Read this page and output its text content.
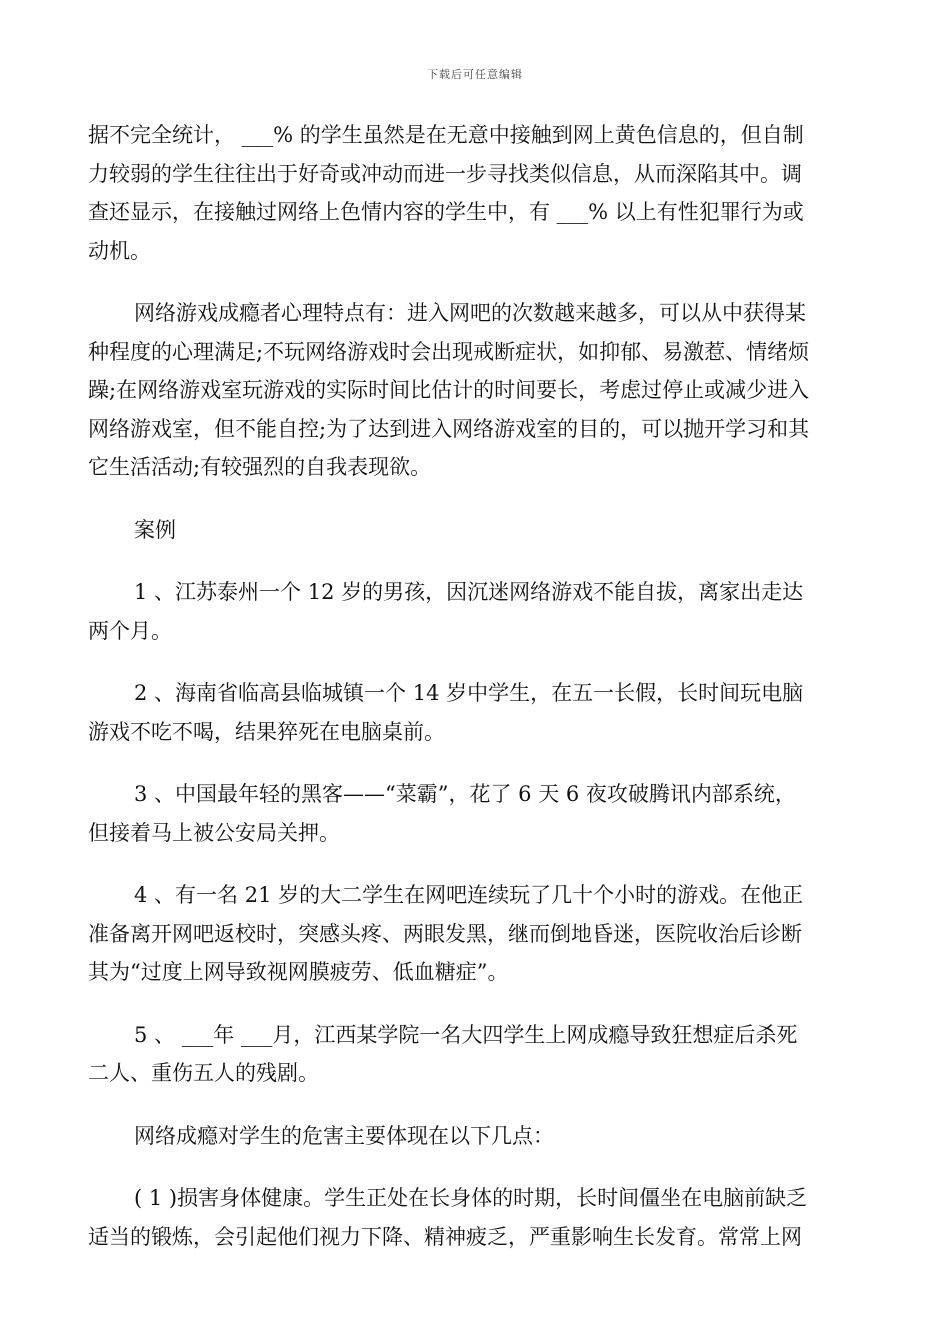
下载后可任意编辑

据不完全统计， ___% 的学生虽然是在无意中接触到网上黄色信息的，但自制
力较弱的学生往往出于好奇或冲动而进一步寻找类似信息，从而深陷其中。调
查还显示，在接触过网络上色情内容的学生中，有 ___% 以上有性犯罪行为或
动机。

网络游戏成瘾者心理特点有：进入网吧的次数越来越多，可以从中获得某
种程度的心理满足;不玩网络游戏时会出现戒断症状，如抑郁、易激惹、情绪烦
躁;在网络游戏室玩游戏的实际时间比估计的时间要长，考虑过停止或减少进入
网络游戏室，但不能自控;为了达到进入网络游戏室的目的，可以抛开学习和其
它生活活动;有较强烈的自我表现欲。

案例

1 、江苏泰州一个 12 岁的男孩，因沉迷网络游戏不能自拔，离家出走达
两个月。

2 、海南省临高县临城镇一个 14 岁中学生，在五一长假，长时间玩电脑
游戏不吃不喝，结果猝死在电脑桌前。

3 、中国最年轻的黑客——“菜霸”，花了 6 天 6 夜攻破腾讯内部系统，
但接着马上被公安局关押。

4 、有一名 21 岁的大二学生在网吧连续玩了几十个小时的游戏。在他正
准备离开网吧返校时，突感头疼、两眼发黑，继而倒地昏迷，医院收治后诊断
其为“过度上网导致视网膜疲劳、低血糖症”。

5 、 ___年 ___月，江西某学院一名大四学生上网成瘾导致狂想症后杀死
二人、重伤五人的残剧。

网络成瘾对学生的危害主要体现在以下几点：

( 1 )损害身体健康。学生正处在长身体的时期，长时间僵坐在电脑前缺乏
适当的锻炼，会引起他们视力下降、精神疲乏，严重影响生长发育。常常上网
